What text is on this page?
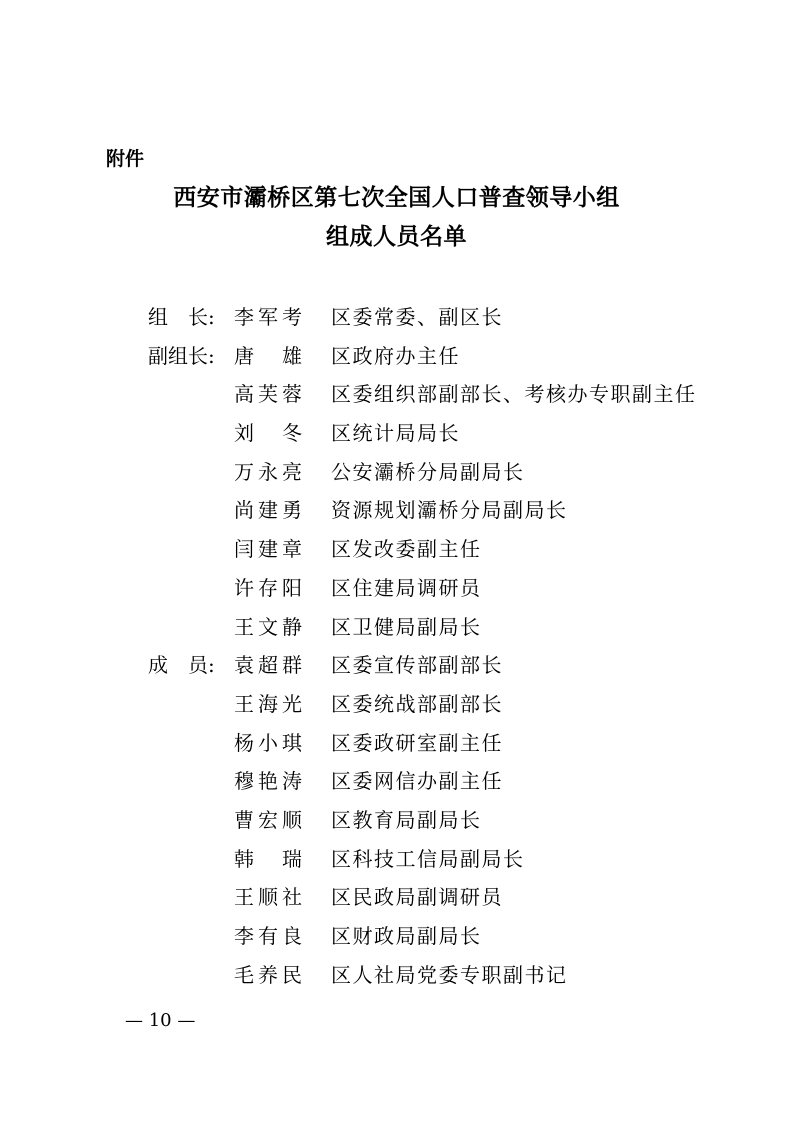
附件
西安市灞桥区第七次全国人口普查领导小组
组成人员名单
组　长: 李军考 区委常委、副区长
副组长: 唐　雄 区政府办主任
高芙蓉 区委组织部副部长、考核办专职副主任
刘　冬 区统计局局长
万永亮 公安灞桥分局副局长
尚建勇 资源规划灞桥分局副局长
闫建章 区发改委副主任
许存阳 区住建局调研员
王文静 区卫健局副局长
成　员: 袁超群 区委宣传部副部长
王海光 区委统战部副部长
杨小琪 区委政研室副主任
穆艳涛 区委网信办副主任
曹宏顺 区教育局副局长
韩　瑞 区科技工信局副局长
王顺社 区民政局副调研员
李有良 区财政局副局长
毛养民 区人社局党委专职副书记
— 10 —
